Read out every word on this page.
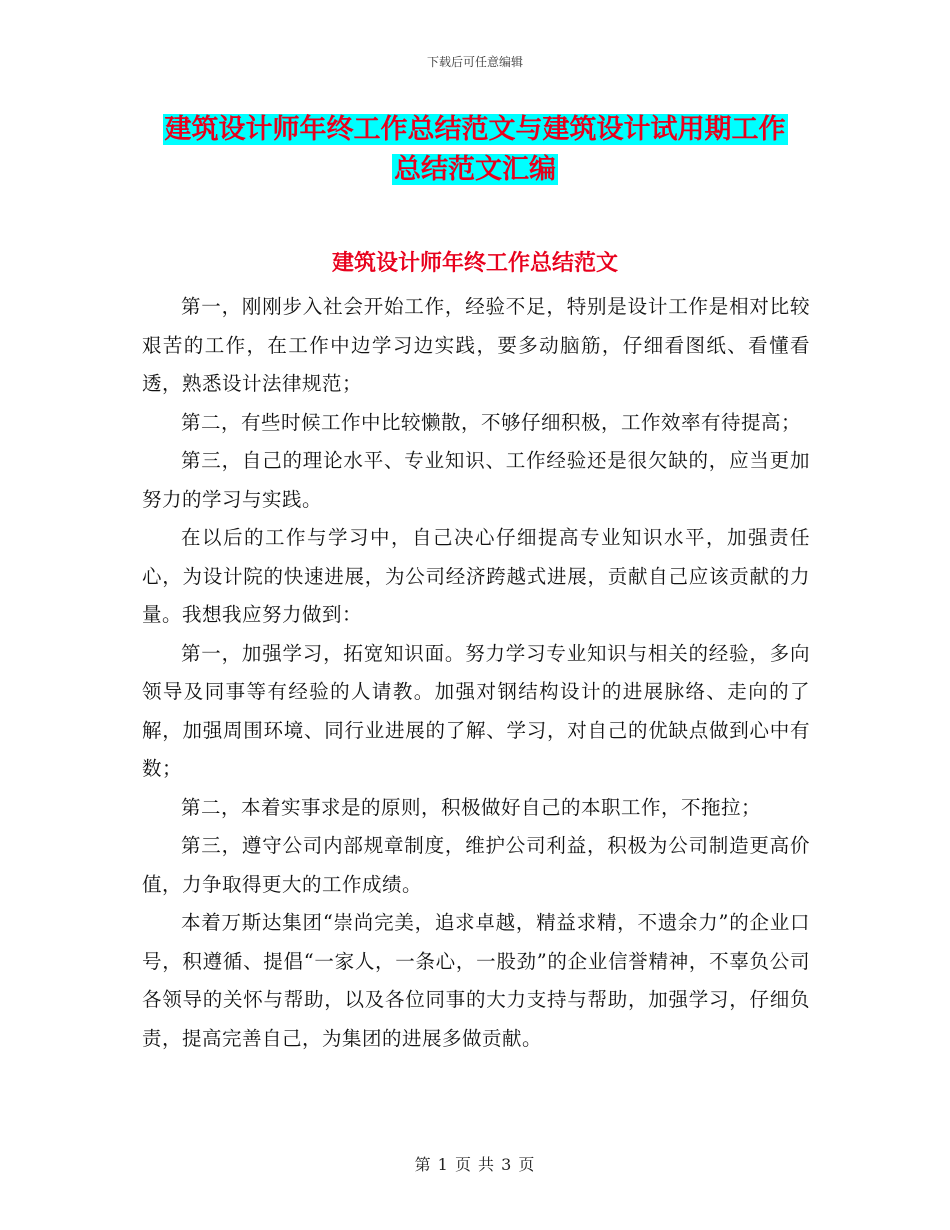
下载后可任意编辑
建筑设计师年终工作总结范文与建筑设计试用期工作
总结范文汇编
建筑设计师年终工作总结范文

第一，刚刚步入社会开始工作，经验不足，特别是设计工作是相对比较艰苦的工作，在工作中边学习边实践，要多动脑筋，仔细看图纸、看懂看透，熟悉设计法律规范；

第二，有些时候工作中比较懒散，不够仔细积极，工作效率有待提高；

第三，自己的理论水平、专业知识、工作经验还是很欠缺的，应当更加努力的学习与实践。

在以后的工作与学习中，自己决心仔细提高专业知识水平，加强责任心，为设计院的快速进展，为公司经济跨越式进展，贡献自己应该贡献的力量。我想我应努力做到：

第一，加强学习，拓宽知识面。努力学习专业知识与相关的经验，多向领导及同事等有经验的人请教。加强对钢结构设计的进展脉络、走向的了解，加强周围环境、同行业进展的了解、学习，对自己的优缺点做到心中有数；

第二，本着实事求是的原则，积极做好自己的本职工作，不拖拉；

第三，遵守公司内部规章制度，维护公司利益，积极为公司制造更高价值，力争取得更大的工作成绩。

本着万斯达集团“崇尚完美，追求卓越，精益求精，不遗余力”的企业口号，积遵循、提倡“一家人，一条心，一股劲”的企业信誉精神，不辜负公司各领导的关怀与帮助，以及各位同事的大力支持与帮助，加强学习，仔细负责，提高完善自己，为集团的进展多做贡献。

第 1 页 共 3 页
